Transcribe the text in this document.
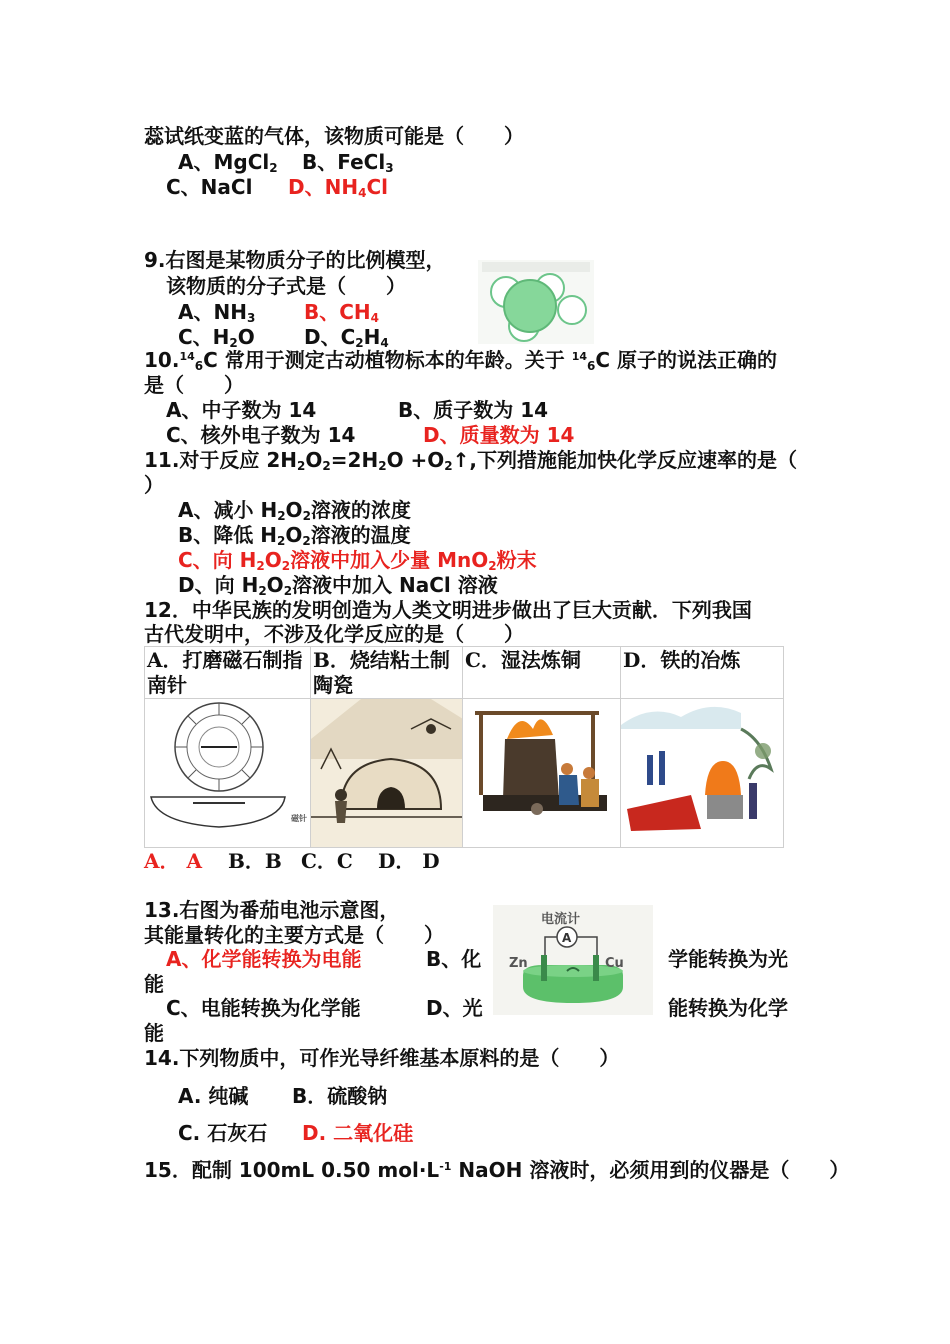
蕊试纸变蓝的气体，该物质可能是（　　）
A、MgCl$_2$ B、FeCl$_3$
C、NaCl D、$NH_4Cl$
9.右图是某物质分子的比例模型，
该物质的分子式是（　　）
A、$NH_3$ B、$CH_4$
C、$H_2O$ D、$C_2H_4$
$10.14_6C$ 常用于测定古动植物标本的年龄。关于 $^{14}_6$C 原子的说法正确的
是（　　）
A、中子数为 14	B、质子数为 14
C、核外电子数为 14	D、质量数为 14
11.对于反应 $2H_2O_2=2H_2O$ $+O_2↑$,下列措施能加快化学反应速率的是（
）
A、减小 $H_2O_2$溶液的浓度
B、降低 $H_2O_2$溶液的温度
C、向 $H_2O_2$溶液中加入少量 MnO$_2$粉末
D、向 $H_2O_2$溶液中加入 NaCl 溶液
12．中华民族的发明创造为人类文明进步做出了巨大贡献．下列我国
古代发明中，不涉及化学反应的是（　　）
A．打磨磁石制指南针
B．烧结粘土制陶瓷
C．湿法炼铜	D．铁的冶炼
磁针
A． A B．B C．C D． D
13.右图为番茄电池示意图，
其能量转化的主要方式是（　　）
A、化学能转换为电能	B、化	学能转换为光
能
C、电能转换为化学能	D、光	能转换为化学
能
电流计
A
Zn	Cu
14.下列物质中，可作光导纤维基本原料的是（　　）
A. 纯碱 B．硫酸钠
C. 石灰石 D. 二氧化硅
15．配制 100mL 0.50 $mol\cdot L^{-1}$ NaOH 溶液时，必须用到的仪器是（　　）
